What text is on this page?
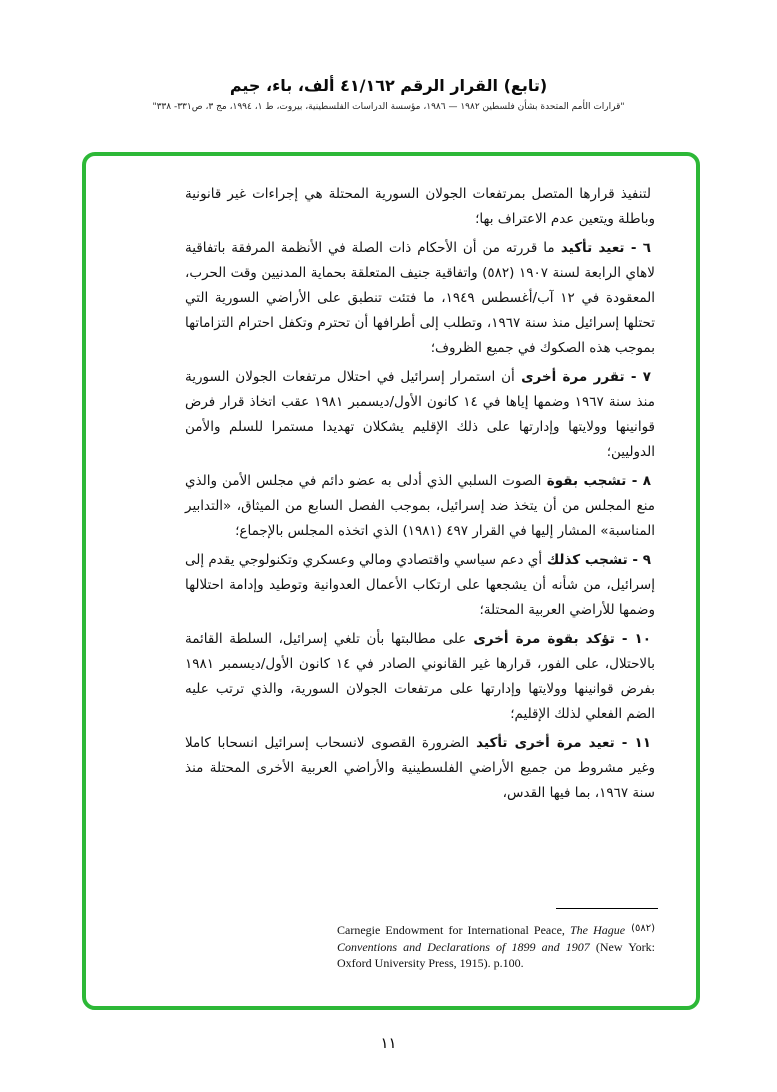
(تابع) القرار الرقم ٤١/١٦٢ ألف، باء، جيم
"قرارات الأمم المتحدة بشأن فلسطين ١٩٨٢ — ١٩٨٦، مؤسسة الدراسات الفلسطينية، بيروت، ط ١، ١٩٩٤، مج ٣، ص٣٣١- ٣٣٨"

لتنفيذ قرارها المتصل بمرتفعات الجولان السورية المحتلة هي إجراءات غير قانونية وباطلة ويتعين عدم الاعتراف بها؛

٦ - تعيد تأكيد ما قررته من أن الأحكام ذات الصلة في الأنظمة المرفقة باتفاقية لاهاي الرابعة لسنة ١٩٠٧ (٥٨٢) واتفاقية جنيف المتعلقة بحماية المدنيين وقت الحرب، المعقودة في ١٢ آب/أغسطس ١٩٤٩، ما فتئت تنطبق على الأراضي السورية التي تحتلها إسرائيل منذ سنة ١٩٦٧، وتطلب إلى أطرافها أن تحترم وتكفل احترام التزاماتها بموجب هذه الصكوك في جميع الظروف؛

٧ - تقرر مرة أخرى أن استمرار إسرائيل في احتلال مرتفعات الجولان السورية منذ سنة ١٩٦٧ وضمها إياها في ١٤ كانون الأول/ديسمبر ١٩٨١ عقب اتخاذ قرار فرض قوانينها وولايتها وإدارتها على ذلك الإقليم يشكلان تهديدا مستمرا للسلم والأمن الدوليين؛

٨ - تشجب بقوة الصوت السلبي الذي أدلى به عضو دائم في مجلس الأمن والذي منع المجلس من أن يتخذ ضد إسرائيل، بموجب الفصل السابع من الميثاق، «التدابير المناسبة» المشار إليها في القرار ٤٩٧ (١٩٨١) الذي اتخذه المجلس بالإجماع؛

٩ - تشجب كذلك أي دعم سياسي واقتصادي ومالي وعسكري وتكنولوجي يقدم إلى إسرائيل، من شأنه أن يشجعها على ارتكاب الأعمال العدوانية وتوطيد وإدامة احتلالها وضمها للأراضي العربية المحتلة؛

١٠ - تؤكد بقوة مرة أخرى على مطالبتها بأن تلغي إسرائيل، السلطة القائمة بالاحتلال، على الفور، قرارها غير القانوني الصادر في ١٤ كانون الأول/ديسمبر ١٩٨١ بفرض قوانينها وولايتها وإدارتها على مرتفعات الجولان السورية، والذي ترتب عليه الضم الفعلي لذلك الإقليم؛

١١ - تعيد مرة أخرى تأكيد الضرورة القصوى لانسحاب إسرائيل انسحابا كاملا وغير مشروط من جميع الأراضي الفلسطينية والأراضي العربية الأخرى المحتلة منذ سنة ١٩٦٧، بما فيها القدس،

(٥٨٢)
Carnegie Endowment for International Peace, The Hague Conventions and Declarations of 1899 and 1907 (New York: Oxford University Press, 1915). p.100.
١١
